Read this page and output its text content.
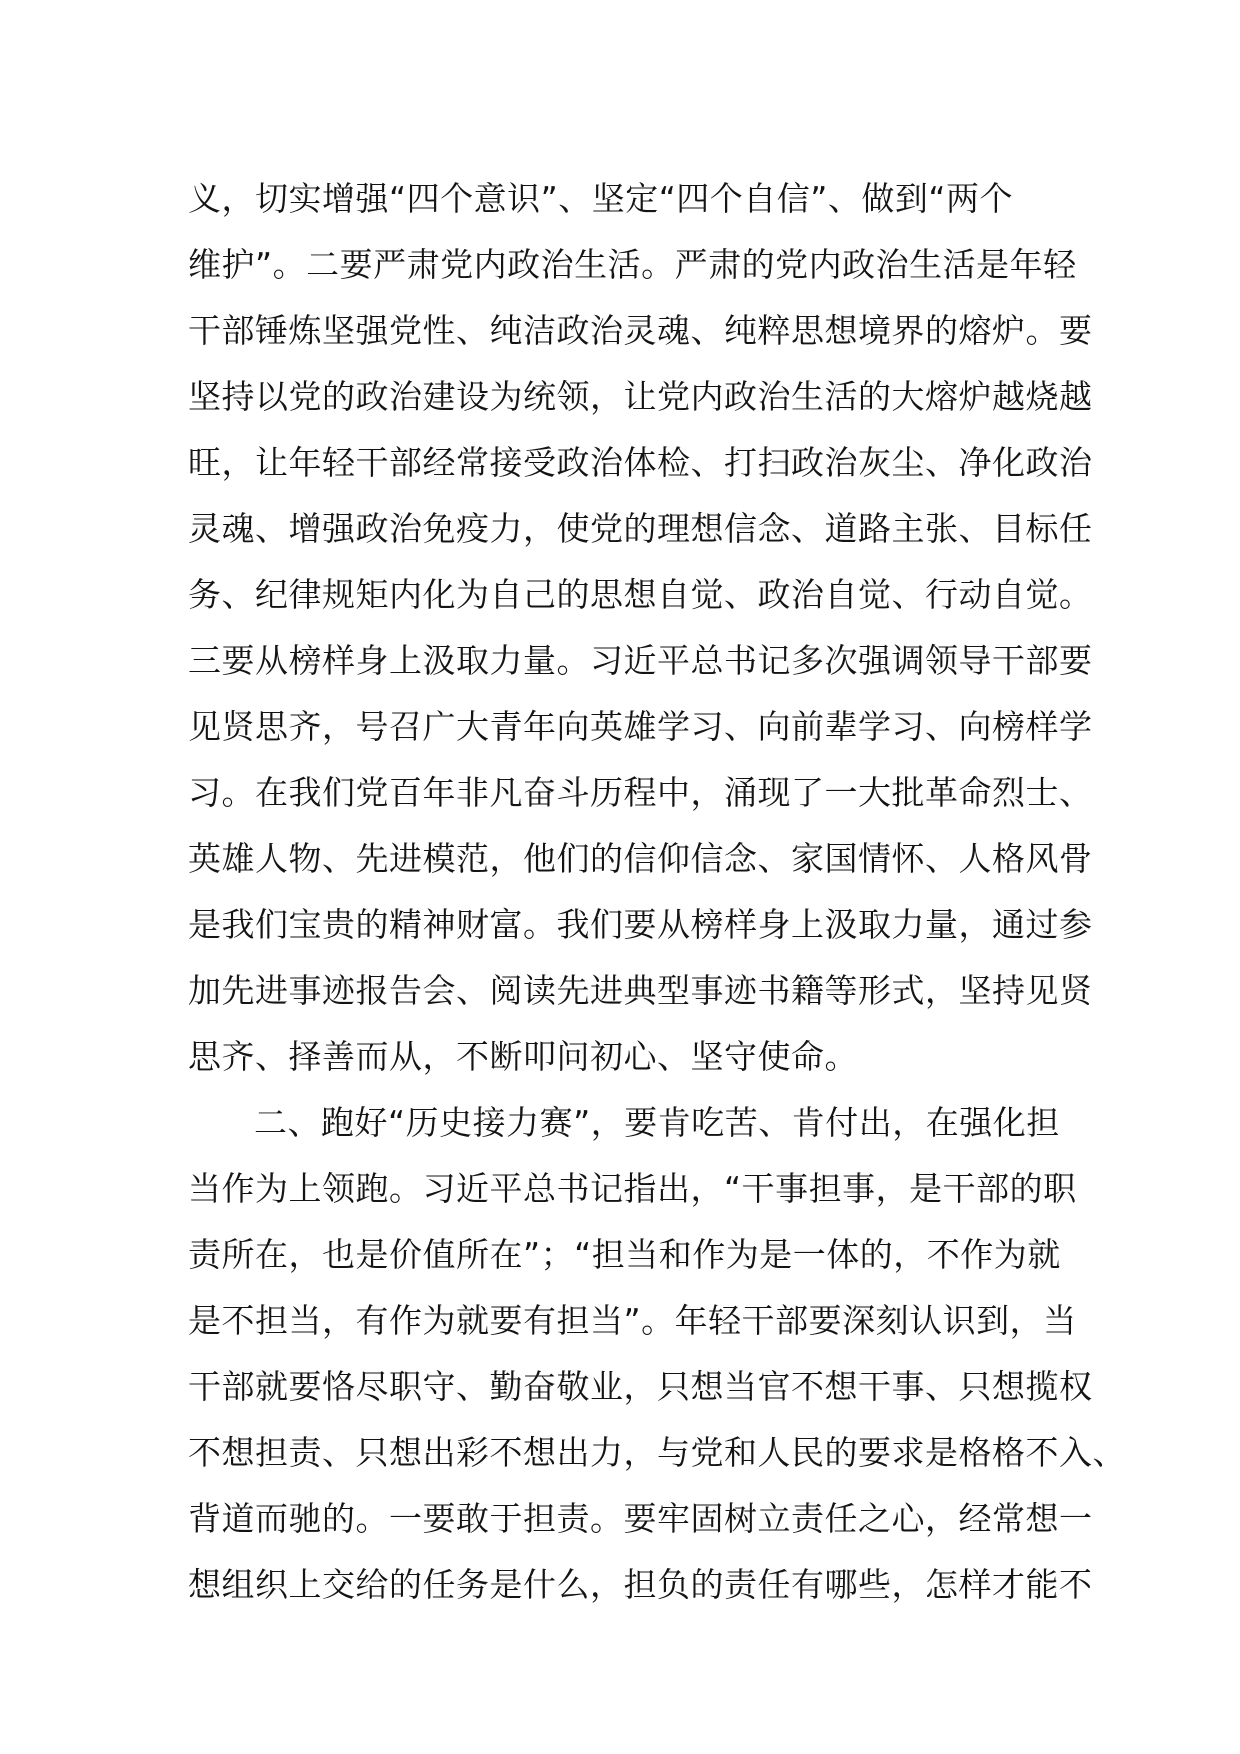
义，切实增强“四个意识”、坚定“四个自信”、做到“两个
维护”。二要严肃党内政治生活。严肃的党内政治生活是年轻
干部锤炼坚强党性、纯洁政治灵魂、纯粹思想境界的熔炉。要
坚持以党的政治建设为统领，让党内政治生活的大熔炉越烧越
旺，让年轻干部经常接受政治体检、打扫政治灰尘、净化政治
灵魂、增强政治免疫力，使党的理想信念、道路主张、目标任
务、纪律规矩内化为自己的思想自觉、政治自觉、行动自觉。
三要从榜样身上汲取力量。习近平总书记多次强调领导干部要
见贤思齐，号召广大青年向英雄学习、向前辈学习、向榜样学
习。在我们党百年非凡奋斗历程中，涌现了一大批革命烈士、
英雄人物、先进模范，他们的信仰信念、家国情怀、人格风骨
是我们宝贵的精神财富。我们要从榜样身上汲取力量，通过参
加先进事迹报告会、阅读先进典型事迹书籍等形式，坚持见贤
思齐、择善而从，不断叩问初心、坚守使命。
二、跑好“历史接力赛”，要肯吃苦、肯付出，在强化担
当作为上领跑。习近平总书记指出，“干事担事，是干部的职
责所在，也是价值所在”；“担当和作为是一体的，不作为就
是不担当，有作为就要有担当”。年轻干部要深刻认识到，当
干部就要恪尽职守、勤奋敬业，只想当官不想干事、只想揽权
不想担责、只想出彩不想出力，与党和人民的要求是格格不入、
背道而驰的。一要敢于担责。要牢固树立责任之心，经常想一
想组织上交给的任务是什么，担负的责任有哪些，怎样才能不
